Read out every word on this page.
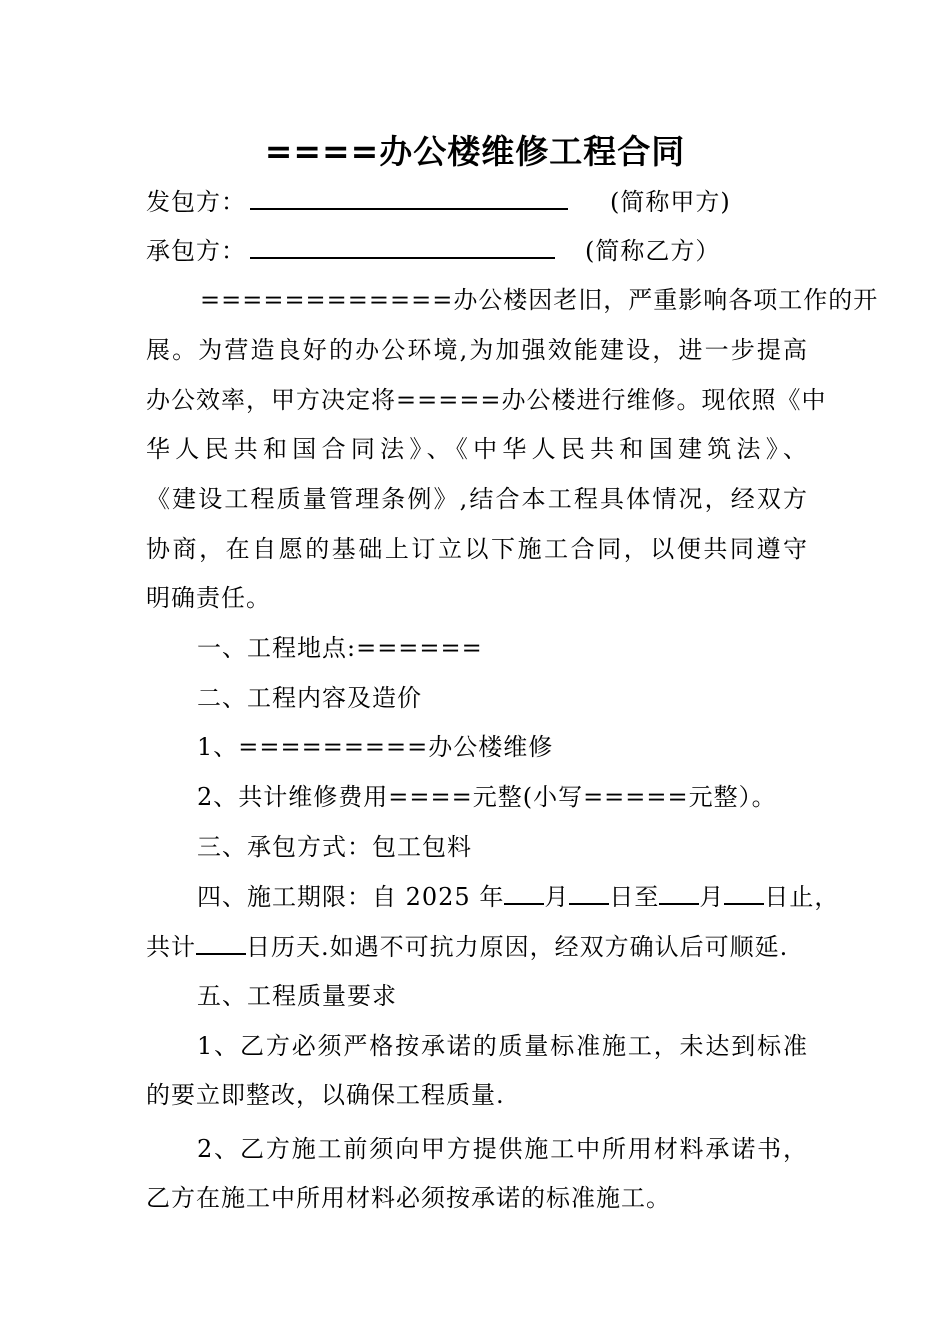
====办公楼维修工程合同
发包方：	(简称甲方)
承包方：	(简称乙方）
============办公楼因老旧，严重影响各项工作的开
展。为营造良好的办公环境,为加强效能建设，进一步提高
办公效率，甲方决定将=====办公楼进行维修。现依照《中
华人民共和国合同法》、《中华人民共和国建筑法》、
《建设工程质量管理条例》,结合本工程具体情况，经双方
协商，在自愿的基础上订立以下施工合同，以便共同遵守
明确责任。
一、工程地点:======
二、工程内容及造价
1、=========办公楼维修
2、共计维修费用====元整(小写=====元整）。
三、承包方式：包工包料
四、施工期限：自 2025 年 月 日至 月 日止，
共计 日历天.如遇不可抗力原因，经双方确认后可顺延.
五、工程质量要求
1、乙方必须严格按承诺的质量标准施工，未达到标准
的要立即整改，以确保工程质量.
2、乙方施工前须向甲方提供施工中所用材料承诺书，
乙方在施工中所用材料必须按承诺的标准施工。
